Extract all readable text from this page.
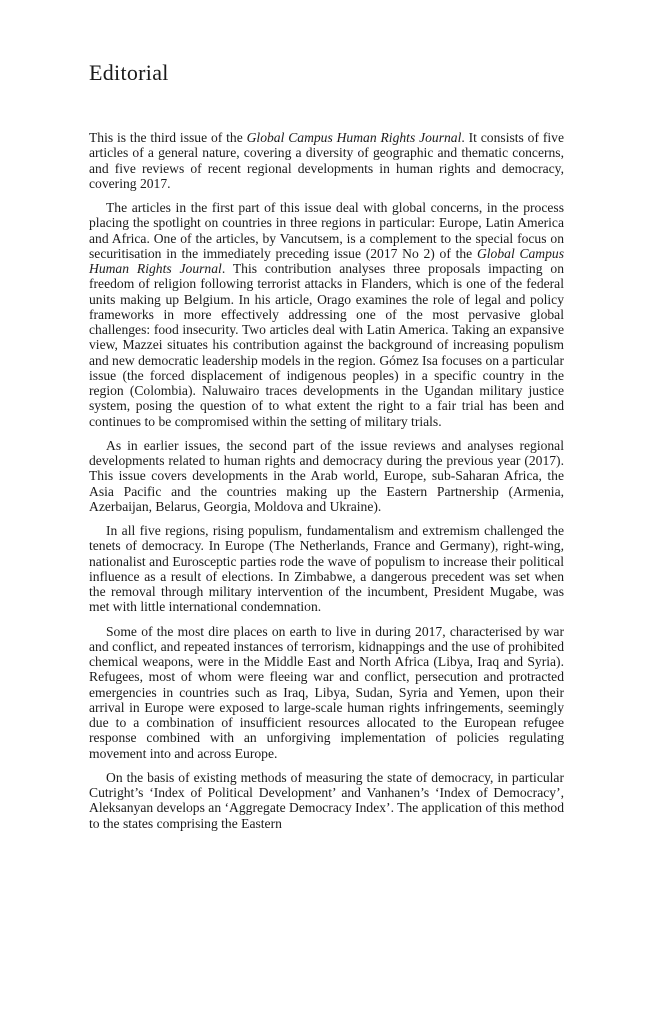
Editorial

This is the third issue of the Global Campus Human Rights Journal. It consists of five articles of a general nature, covering a diversity of geographic and thematic concerns, and five reviews of recent regional developments in human rights and democracy, covering 2017.

The articles in the first part of this issue deal with global concerns, in the process placing the spotlight on countries in three regions in particular: Europe, Latin America and Africa. One of the articles, by Vancutsem, is a complement to the special focus on securitisation in the immediately preceding issue (2017 No 2) of the Global Campus Human Rights Journal. This contribution analyses three proposals impacting on freedom of religion following terrorist attacks in Flanders, which is one of the federal units making up Belgium. In his article, Orago examines the role of legal and policy frameworks in more effectively addressing one of the most pervasive global challenges: food insecurity. Two articles deal with Latin America. Taking an expansive view, Mazzei situates his contribution against the background of increasing populism and new democratic leadership models in the region. Gómez Isa focuses on a particular issue (the forced displacement of indigenous peoples) in a specific country in the region (Colombia). Naluwairo traces developments in the Ugandan military justice system, posing the question of to what extent the right to a fair trial has been and continues to be compromised within the setting of military trials.

As in earlier issues, the second part of the issue reviews and analyses regional developments related to human rights and democracy during the previous year (2017). This issue covers developments in the Arab world, Europe, sub-Saharan Africa, the Asia Pacific and the countries making up the Eastern Partnership (Armenia, Azerbaijan, Belarus, Georgia, Moldova and Ukraine).

In all five regions, rising populism, fundamentalism and extremism challenged the tenets of democracy. In Europe (The Netherlands, France and Germany), right-wing, nationalist and Eurosceptic parties rode the wave of populism to increase their political influence as a result of elections. In Zimbabwe, a dangerous precedent was set when the removal through military intervention of the incumbent, President Mugabe, was met with little international condemnation.

Some of the most dire places on earth to live in during 2017, characterised by war and conflict, and repeated instances of terrorism, kidnappings and the use of prohibited chemical weapons, were in the Middle East and North Africa (Libya, Iraq and Syria). Refugees, most of whom were fleeing war and conflict, persecution and protracted emergencies in countries such as Iraq, Libya, Sudan, Syria and Yemen, upon their arrival in Europe were exposed to large-scale human rights infringements, seemingly due to a combination of insufficient resources allocated to the European refugee response combined with an unforgiving implementation of policies regulating movement into and across Europe.

On the basis of existing methods of measuring the state of democracy, in particular Cutright’s ‘Index of Political Development’ and Vanhanen’s ‘Index of Democracy’, Aleksanyan develops an ‘Aggregate Democracy Index’. The application of this method to the states comprising the Eastern
